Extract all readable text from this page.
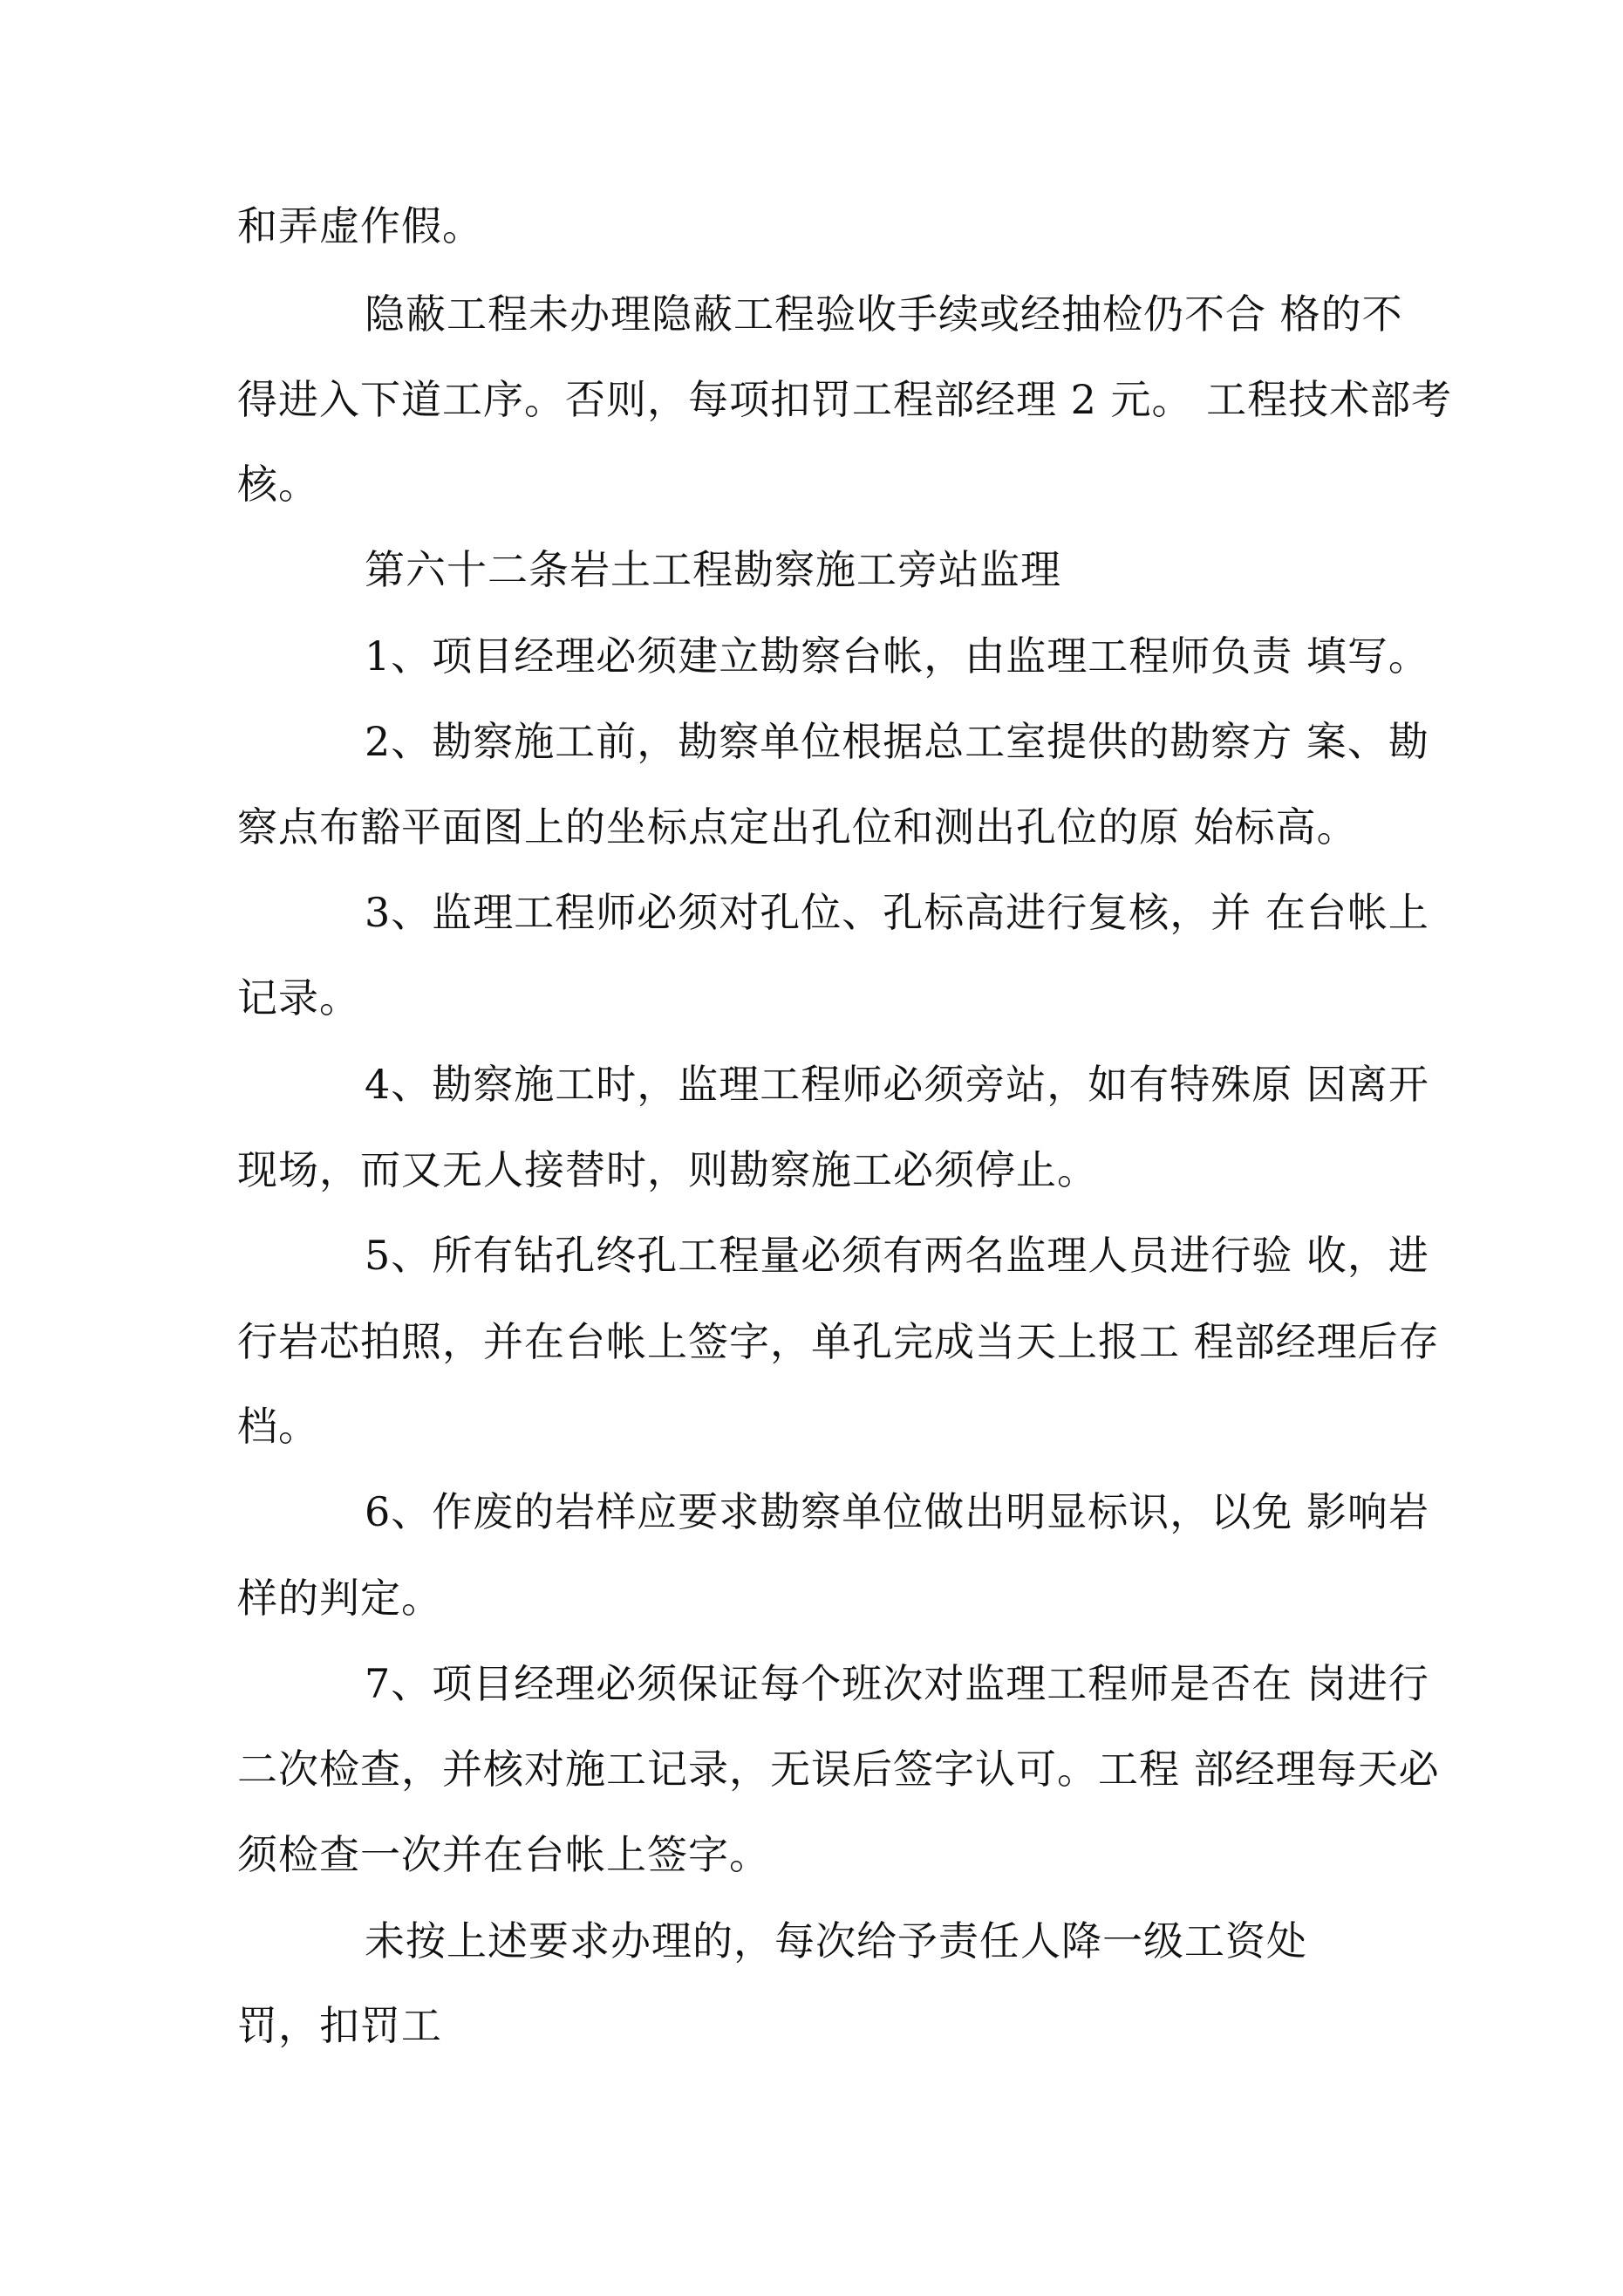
和弄虚作假。
隐蔽工程未办理隐蔽工程验收手续或经抽检仍不合 格的不
得进入下道工序。否则，每项扣罚工程部经理 2 元。 工程技术部考
核。
第六十二条岩土工程勘察施工旁站监理
1、项目经理必须建立勘察台帐，由监理工程师负责 填写。
2、勘察施工前，勘察单位根据总工室提供的勘察方 案、勘
察点布豁平面图上的坐标点定出孔位和测出孔位的原 始标高。
3、监理工程师必须对孔位、孔标高进行复核，并 在台帐上
记录。
4、勘察施工时，监理工程师必须旁站，如有特殊原 因离开
现场，而又无人接替时，则勘察施工必须停止。
5、所有钻孔终孔工程量必须有两名监理人员进行验 收，进
行岩芯拍照，并在台帐上签字，单孔完成当天上报工 程部经理后存
档。
6、作废的岩样应要求勘察单位做出明显标识，以免 影响岩
样的判定。
7、项目经理必须保证每个班次对监理工程师是否在 岗进行
二次检查，并核对施工记录，无误后签字认可。工程 部经理每天必
须检查一次并在台帐上签字。
未按上述要求办理的，每次给予责任人降一级工资处
罚，扣罚工
